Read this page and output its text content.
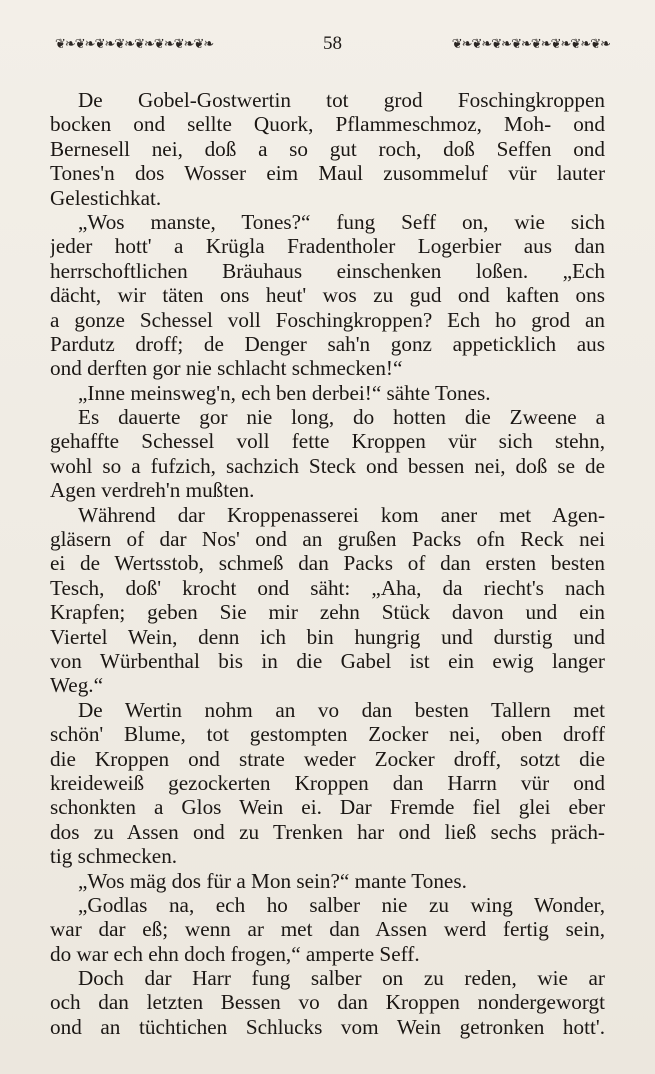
❦❧❦❧❦❧❦❧❦❧❦❧❦❧❦❧	58	❦❧❦❧❦❧❦❧❦❧❦❧❦❧❦❧
De Gobel-Gostwertin tot grod Foschingkroppen
bocken ond sellte Quork, Pflammeschmoz, Moh- ond
Bernesell nei, doß a so gut roch, doß Seffen ond
Tones'n dos Wosser eim Maul zusommeluf vür lauter
Gelestichkat.
„Wos manste, Tones?“ fung Seff on, wie sich
jeder hott' a Krügla Fradentholer Logerbier aus dan
herrschoftlichen Bräuhaus einschenken loßen. „Ech
dächt, wir täten ons heut' wos zu gud ond kaften ons
a gonze Schessel voll Foschingkroppen? Ech ho grod an
Pardutz droff; de Denger sah'n gonz appeticklich aus
ond derften gor nie schlacht schmecken!“
„Inne meinsweg'n, ech ben derbei!“ sähte Tones.
Es dauerte gor nie long, do hotten die Zweene a
gehaffte Schessel voll fette Kroppen vür sich stehn,
wohl so a fufzich, sachzich Steck ond bessen nei, doß se de
Agen verdreh'n mußten.
Während dar Kroppenasserei kom aner met Agen-
gläsern of dar Nos' ond an grußen Packs ofn Reck nei
ei de Wertsstob, schmeß dan Packs of dan ersten besten
Tesch, doß' krocht ond säht: „Aha, da riecht's nach
Krapfen; geben Sie mir zehn Stück davon und ein
Viertel Wein, denn ich bin hungrig und durstig und
von Würbenthal bis in die Gabel ist ein ewig langer
Weg.“
De Wertin nohm an vo dan besten Tallern met
schön' Blume, tot gestompten Zocker nei, oben droff
die Kroppen ond strate weder Zocker droff, sotzt die
kreideweiß gezockerten Kroppen dan Harrn vür ond
schonkten a Glos Wein ei. Dar Fremde fiel glei eber
dos zu Assen ond zu Trenken har ond ließ sechs präch-
tig schmecken.
„Wos mäg dos für a Mon sein?“ mante Tones.
„Godlas na, ech ho salber nie zu wing Wonder,
war dar eß; wenn ar met dan Assen werd fertig sein,
do war ech ehn doch frogen,“ amperte Seff.
Doch dar Harr fung salber on zu reden, wie ar
och dan letzten Bessen vo dan Kroppen nondergeworgt
ond an tüchtichen Schlucks vom Wein getronken hott'.
